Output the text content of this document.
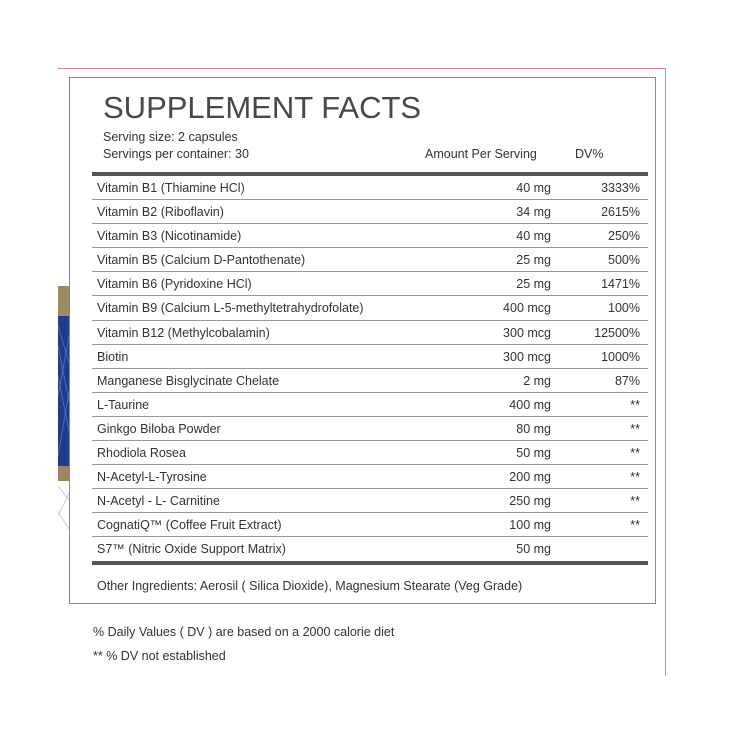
SUPPLEMENT FACTS
Serving size: 2 capsules
Servings per container: 30	Amount Per Serving	DV%
Vitamin B1 (Thiamine HCl)	40 mg	3333%
Vitamin B2 (Riboflavin)	34 mg	2615%
Vitamin B3 (Nicotinamide)	40 mg	250%
Vitamin B5 (Calcium D-Pantothenate)	25 mg	500%
Vitamin B6 (Pyridoxine HCl)	25 mg	1471%
Vitamin B9 (Calcium L-5-methyltetrahydrofolate)	400 mcg	100%
Vitamin B12 (Methylcobalamin)	300 mcg	12500%
Biotin	300 mcg	1000%
Manganese Bisglycinate Chelate	2 mg	87%
L-Taurine	400 mg	**
Ginkgo Biloba Powder	80 mg	**
Rhodiola Rosea	50 mg	**
N-Acetyl-L-Tyrosine	200 mg	**
N-Acetyl - L- Carnitine	250 mg	**
CognatiQ™ (Coffee Fruit Extract)	100 mg	**
S7™ (Nitric Oxide Support Matrix)	50 mg
Other Ingredients: Aerosil ( Silica Dioxide), Magnesium Stearate (Veg Grade)
% Daily Values ( DV ) are based on a 2000 calorie diet
** % DV not established
